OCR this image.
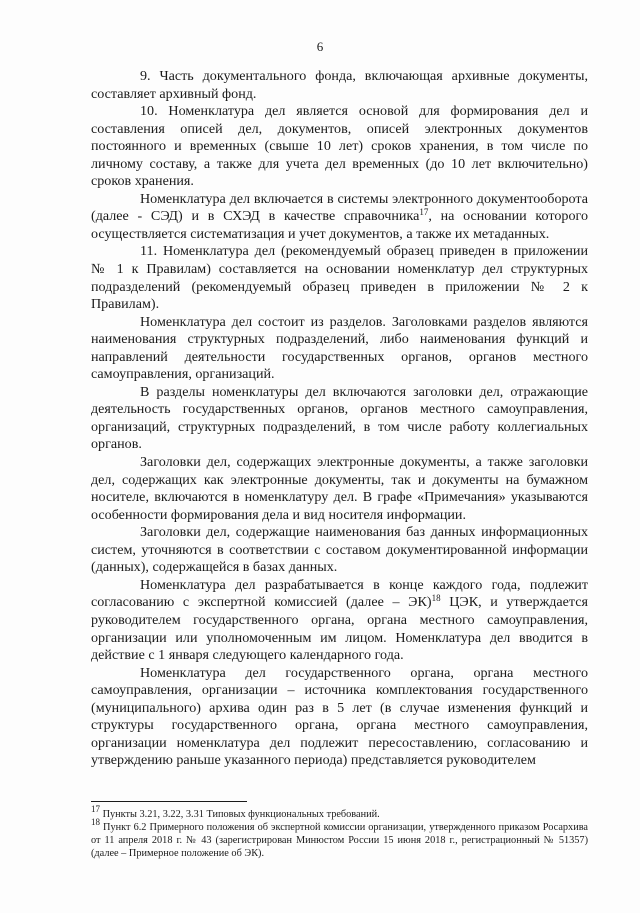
6

9. Часть документального фонда, включающая архивные документы, составляет архивный фонд.

10. Номенклатура дел является основой для формирования дел и составления описей дел, документов, описей электронных документов постоянного и временных (свыше 10 лет) сроков хранения, в том числе по личному составу, а также для учета дел временных (до 10 лет включительно) сроков хранения.

Номенклатура дел включается в системы электронного документооборота (далее - СЭД) и в СХЭД в качестве справочника$^{17}$, на основании которого осуществляется систематизация и учет документов, а также их метаданных.

11. Номенклатура дел (рекомендуемый образец приведен в приложении № 1 к Правилам) составляется на основании номенклатур дел структурных подразделений (рекомендуемый образец приведен в приложении № 2 к Правилам).

Номенклатура дел состоит из разделов. Заголовками разделов являются наименования структурных подразделений, либо наименования функций и направлений деятельности государственных органов, органов местного самоуправления, организаций.

В разделы номенклатуры дел включаются заголовки дел, отражающие деятельность государственных органов, органов местного самоуправления, организаций, структурных подразделений, в том числе работу коллегиальных органов.

Заголовки дел, содержащих электронные документы, а также заголовки дел, содержащих как электронные документы, так и документы на бумажном носителе, включаются в номенклатуру дел. В графе «Примечания» указываются особенности формирования дела и вид носителя информации.

Заголовки дел, содержащие наименования баз данных информационных систем, уточняются в соответствии с составом документированной информации (данных), содержащейся в базах данных.

Номенклатура дел разрабатывается в конце каждого года, подлежит согласованию с экспертной комиссией (далее – ЭК)$^{18}$ ЦЭК, и утверждается руководителем государственного органа, органа местного самоуправления, организации или уполномоченным им лицом. Номенклатура дел вводится в действие с 1 января следующего календарного года.

Номенклатура дел государственного органа, органа местного самоуправления, организации – источника комплектования государственного (муниципального) архива один раз в 5 лет (в случае изменения функций и структуры государственного органа, органа местного самоуправления, организации номенклатура дел подлежит пересоставлению, согласованию и утверждению раньше указанного периода) представляется руководителем

$^{17}$ Пункты 3.21, 3.22, 3.31 Типовых функциональных требований.

$^{18}$ Пункт 6.2 Примерного положения об экспертной комиссии организации, утвержденного приказом Росархива от 11 апреля 2018 г. № 43 (зарегистрирован Минюстом России 15 июня 2018 г., регистрационный № 51357) (далее – Примерное положение об ЭК).
